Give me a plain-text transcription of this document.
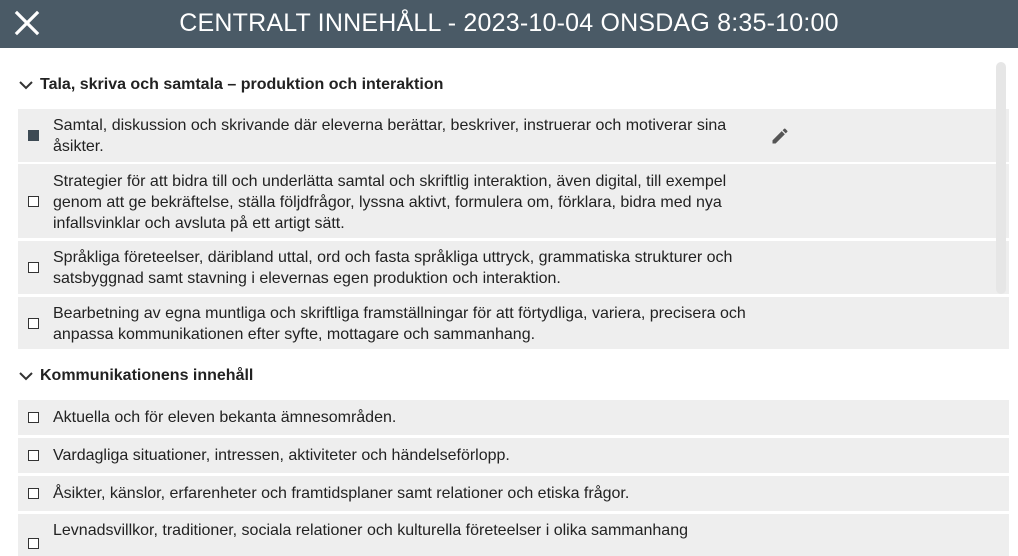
CENTRALT INNEHÅLL - 2023-10-04 ONSDAG 8:35-10:00
Tala, skriva och samtala – produktion och interaktion
Samtal, diskussion och skrivande där eleverna berättar, beskriver, instruerar och motiverar sina åsikter.
Strategier för att bidra till och underlätta samtal och skriftlig interaktion, även digital, till exempel genom att ge bekräftelse, ställa följdfrågor, lyssna aktivt, formulera om, förklara, bidra med nya infallsvinklar och avsluta på ett artigt sätt.
Språkliga företeelser, däribland uttal, ord och fasta språkliga uttryck, grammatiska strukturer och satsbyggnad samt stavning i elevernas egen produktion och interaktion.
Bearbetning av egna muntliga och skriftliga framställningar för att förtydliga, variera, precisera och anpassa kommunikationen efter syfte, mottagare och sammanhang.
Kommunikationens innehåll
Aktuella och för eleven bekanta ämnesområden.
Vardagliga situationer, intressen, aktiviteter och händelseförlopp.
Åsikter, känslor, erfarenheter och framtidsplaner samt relationer och etiska frågor.
Levnadsvillkor, traditioner, sociala relationer och kulturella företeelser i olika sammanhang
